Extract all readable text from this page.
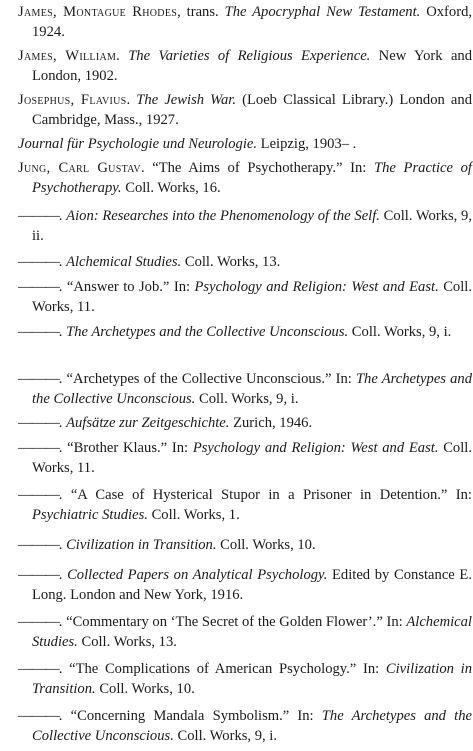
James, Montague Rhodes, trans. The Apocryphal New Testament. Oxford, 1924.
James, William. The Varieties of Religious Experience. New York and London, 1902.
Josephus, Flavius. The Jewish War. (Loeb Classical Library.) London and Cambridge, Mass., 1927.
Journal für Psychologie und Neurologie. Leipzig, 1903– .
Jung, Carl Gustav. “The Aims of Psychotherapy.” In: The Practice of Psychotherapy. Coll. Works, 16.
———. Aion: Researches into the Phenomenology of the Self. Coll. Works, 9, ii.
———. Alchemical Studies. Coll. Works, 13.
———. “Answer to Job.” In: Psychology and Religion: West and East. Coll. Works, 11.
———. The Archetypes and the Collective Unconscious. Coll. Works, 9, i.
———. “Archetypes of the Collective Unconscious.” In: The Archetypes and the Collective Unconscious. Coll. Works, 9, i.
———. Aufsätze zur Zeitgeschichte. Zurich, 1946.
———. “Brother Klaus.” In: Psychology and Religion: West and East. Coll. Works, 11.
———. “A Case of Hysterical Stupor in a Prisoner in Detention.” In: Psychiatric Studies. Coll. Works, 1.
———. Civilization in Transition. Coll. Works, 10.
———. Collected Papers on Analytical Psychology. Edited by Constance E. Long. London and New York, 1916.
———. “Commentary on ‘The Secret of the Golden Flower’.” In: Alchemical Studies. Coll. Works, 13.
———. “The Complications of American Psychology.” In: Civilization in Transition. Coll. Works, 10.
———. “Concerning Mandala Symbolism.” In: The Archetypes and the Collective Unconscious. Coll. Works, 9, i.
